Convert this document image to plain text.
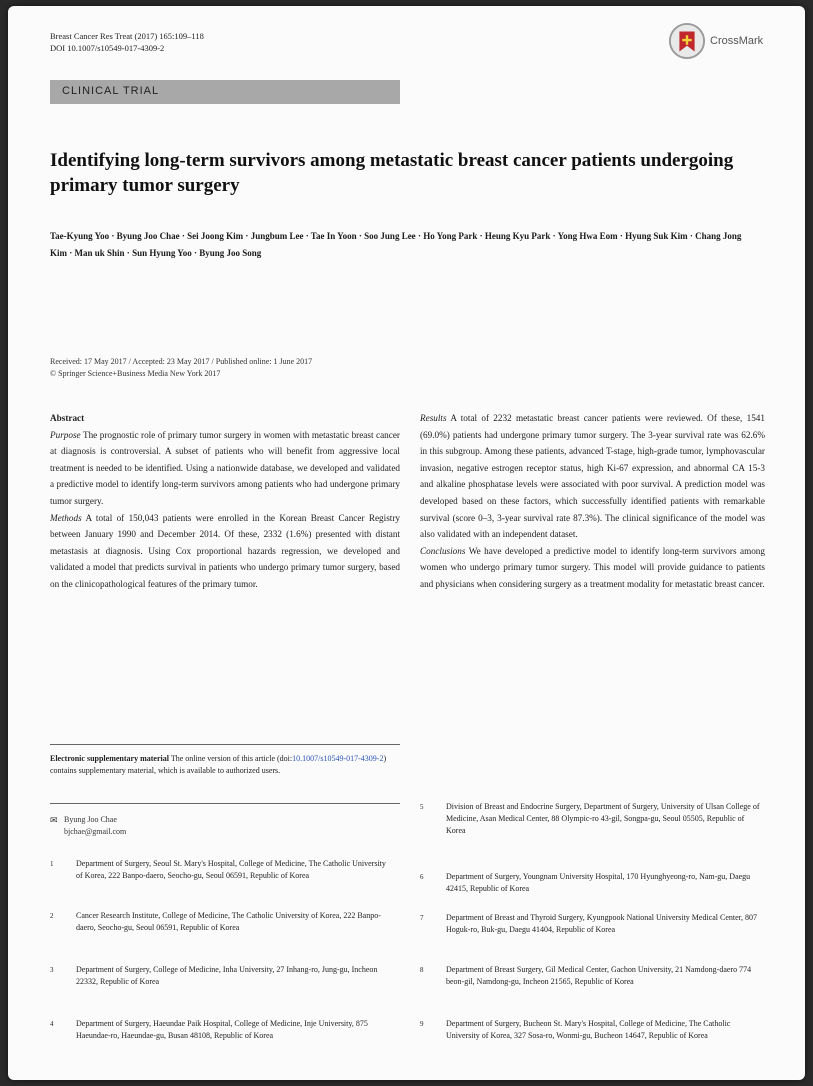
Breast Cancer Res Treat (2017) 165:109–118
DOI 10.1007/s10549-017-4309-2
CrossMark
CLINICAL TRIAL
Identifying long-term survivors among metastatic breast cancer patients undergoing primary tumor surgery
Tae-Kyung Yoo · Byung Joo Chae · Sei Joong Kim · Jungbum Lee · Tae In Yoon · Soo Jung Lee · Ho Yong Park · Heung Kyu Park · Yong Hwa Eom · Hyung Suk Kim · Chang Jong Kim · Man uk Shin · Sun Hyung Yoo · Byung Joo Song
Received: 17 May 2017 / Accepted: 23 May 2017 / Published online: 1 June 2017
© Springer Science+Business Media New York 2017
Abstract

Purpose The prognostic role of primary tumor surgery in women with metastatic breast cancer at diagnosis is controversial. A subset of patients who will benefit from aggressive local treatment is needed to be identified. Using a nationwide database, we developed and validated a predictive model to identify long-term survivors among patients who had undergone primary tumor surgery.

Methods A total of 150,043 patients were enrolled in the Korean Breast Cancer Registry between January 1990 and December 2014. Of these, 2332 (1.6%) presented with distant metastasis at diagnosis. Using Cox proportional hazards regression, we developed and validated a model that predicts survival in patients who undergo primary tumor surgery, based on the clinicopathological features of the primary tumor.

Results A total of 2232 metastatic breast cancer patients were reviewed. Of these, 1541 (69.0%) patients had undergone primary tumor surgery. The 3-year survival rate was 62.6% in this subgroup. Among these patients, advanced T-stage, high-grade tumor, lymphovascular invasion, negative estrogen receptor status, high Ki-67 expression, and abnormal CA 15-3 and alkaline phosphatase levels were associated with poor survival. A prediction model was developed based on these factors, which successfully identified patients with remarkable survival (score 0–3, 3-year survival rate 87.3%). The clinical significance of the model was also validated with an independent dataset.

Conclusions We have developed a predictive model to identify long-term survivors among women who undergo primary tumor surgery. This model will provide guidance to patients and physicians when considering surgery as a treatment modality for metastatic breast cancer.

Electronic supplementary material The online version of this article (doi:10.1007/s10549-017-4309-2) contains supplementary material, which is available to authorized users.
✉ Byung Joo Chae
bjchae@gmail.com
1	Department of Surgery, Seoul St. Mary's Hospital, College of Medicine, The Catholic University of Korea, 222 Banpo-daero, Seocho-gu, Seoul 06591, Republic of Korea
2	Cancer Research Institute, College of Medicine, The Catholic University of Korea, 222 Banpo-daero, Seocho-gu, Seoul 06591, Republic of Korea
3	Department of Surgery, College of Medicine, Inha University, 27 Inhang-ro, Jung-gu, Incheon 22332, Republic of Korea
4	Department of Surgery, Haeundae Paik Hospital, College of Medicine, Inje University, 875 Haeundae-ro, Haeundae-gu, Busan 48108, Republic of Korea
5	Division of Breast and Endocrine Surgery, Department of Surgery, University of Ulsan College of Medicine, Asan Medical Center, 88 Olympic-ro 43-gil, Songpa-gu, Seoul 05505, Republic of Korea
6	Department of Surgery, Youngnam University Hospital, 170 Hyunghyeong-ro, Nam-gu, Daegu 42415, Republic of Korea
7	Department of Breast and Thyroid Surgery, Kyungpook National University Medical Center, 807 Hoguk-ro, Buk-gu, Daegu 41404, Republic of Korea
8	Department of Breast Surgery, Gil Medical Center, Gachon University, 21 Namdong-daero 774 beon-gil, Namdong-gu, Incheon 21565, Republic of Korea
9	Department of Surgery, Bucheon St. Mary's Hospital, College of Medicine, The Catholic University of Korea, 327 Sosa-ro, Wonmi-gu, Bucheon 14647, Republic of Korea
